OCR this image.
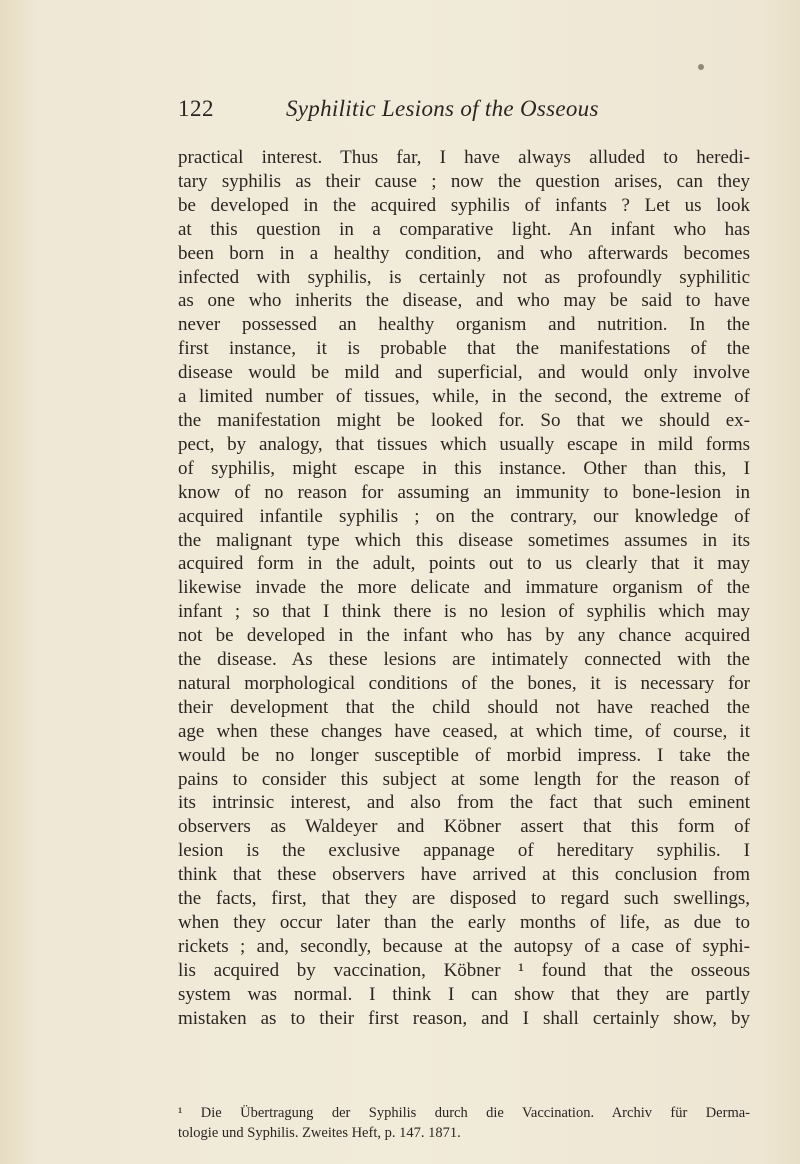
122	Syphilitic Lesions of the Osseous
practical interest. Thus far, I have always alluded to heredi-
tary syphilis as their cause ; now the question arises, can they
be developed in the acquired syphilis of infants ? Let us look
at this question in a comparative light. An infant who has
been born in a healthy condition, and who afterwards becomes
infected with syphilis, is certainly not as profoundly syphilitic
as one who inherits the disease, and who may be said to have
never possessed an healthy organism and nutrition. In the
first instance, it is probable that the manifestations of the
disease would be mild and superficial, and would only involve
a limited number of tissues, while, in the second, the extreme of
the manifestation might be looked for. So that we should ex-
pect, by analogy, that tissues which usually escape in mild forms
of syphilis, might escape in this instance. Other than this, I
know of no reason for assuming an immunity to bone-lesion in
acquired infantile syphilis ; on the contrary, our knowledge of
the malignant type which this disease sometimes assumes in its
acquired form in the adult, points out to us clearly that it may
likewise invade the more delicate and immature organism of the
infant ; so that I think there is no lesion of syphilis which may
not be developed in the infant who has by any chance acquired
the disease. As these lesions are intimately connected with the
natural morphological conditions of the bones, it is necessary for
their development that the child should not have reached the
age when these changes have ceased, at which time, of course, it
would be no longer susceptible of morbid impress. I take the
pains to consider this subject at some length for the reason of
its intrinsic interest, and also from the fact that such eminent
observers as Waldeyer and Köbner assert that this form of
lesion is the exclusive appanage of hereditary syphilis. I
think that these observers have arrived at this conclusion from
the facts, first, that they are disposed to regard such swellings,
when they occur later than the early months of life, as due to
rickets ; and, secondly, because at the autopsy of a case of syphi-
lis acquired by vaccination, Köbner ¹ found that the osseous
system was normal. I think I can show that they are partly
mistaken as to their first reason, and I shall certainly show, by
¹ Die Übertragung der Syphilis durch die Vaccination. Archiv für Derma-
tologie und Syphilis. Zweites Heft, p. 147. 1871.
